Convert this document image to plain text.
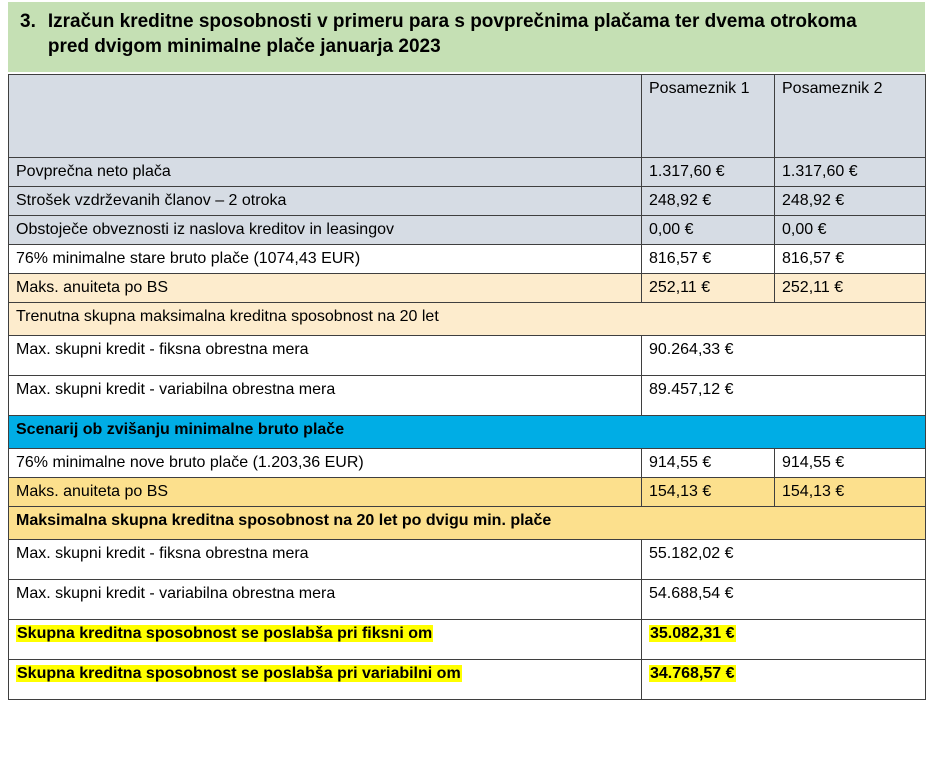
3. Izračun kreditne sposobnosti v primeru para s povprečnima plačama ter dvema otrokoma pred dvigom minimalne plače januarja 2023
	Posameznik 1	Posameznik 2
Povprečna neto plača	1.317,60 €	1.317,60 €
Strošek vzdrževanih članov – 2 otroka	248,92 €	248,92 €
Obstoječe obveznosti iz naslova kreditov in leasingov	0,00 €	0,00 €
76% minimalne stare bruto plače (1074,43 EUR)	816,57 €	816,57 €
Maks. anuiteta po BS	252,11 €	252,11 €
Trenutna skupna maksimalna kreditna sposobnost na 20 let		
Max. skupni kredit - fiksna obrestna mera	90.264,33 €	
Max. skupni kredit - variabilna obrestna mera	89.457,12 €	
Scenarij ob zvišanju minimalne bruto plače		
76% minimalne nove bruto plače (1.203,36 EUR)	914,55 €	914,55 €
Maks. anuiteta po BS	154,13 €	154,13 €
Maksimalna skupna kreditna sposobnost na 20 let po dvigu min. plače		
Max. skupni kredit - fiksna obrestna mera	55.182,02 €	
Max. skupni kredit - variabilna obrestna mera	54.688,54 €	
Skupna kreditna sposobnost se poslabša pri fiksni om	35.082,31 €	
Skupna kreditna sposobnost se poslabša pri variabilni om	34.768,57 €	
